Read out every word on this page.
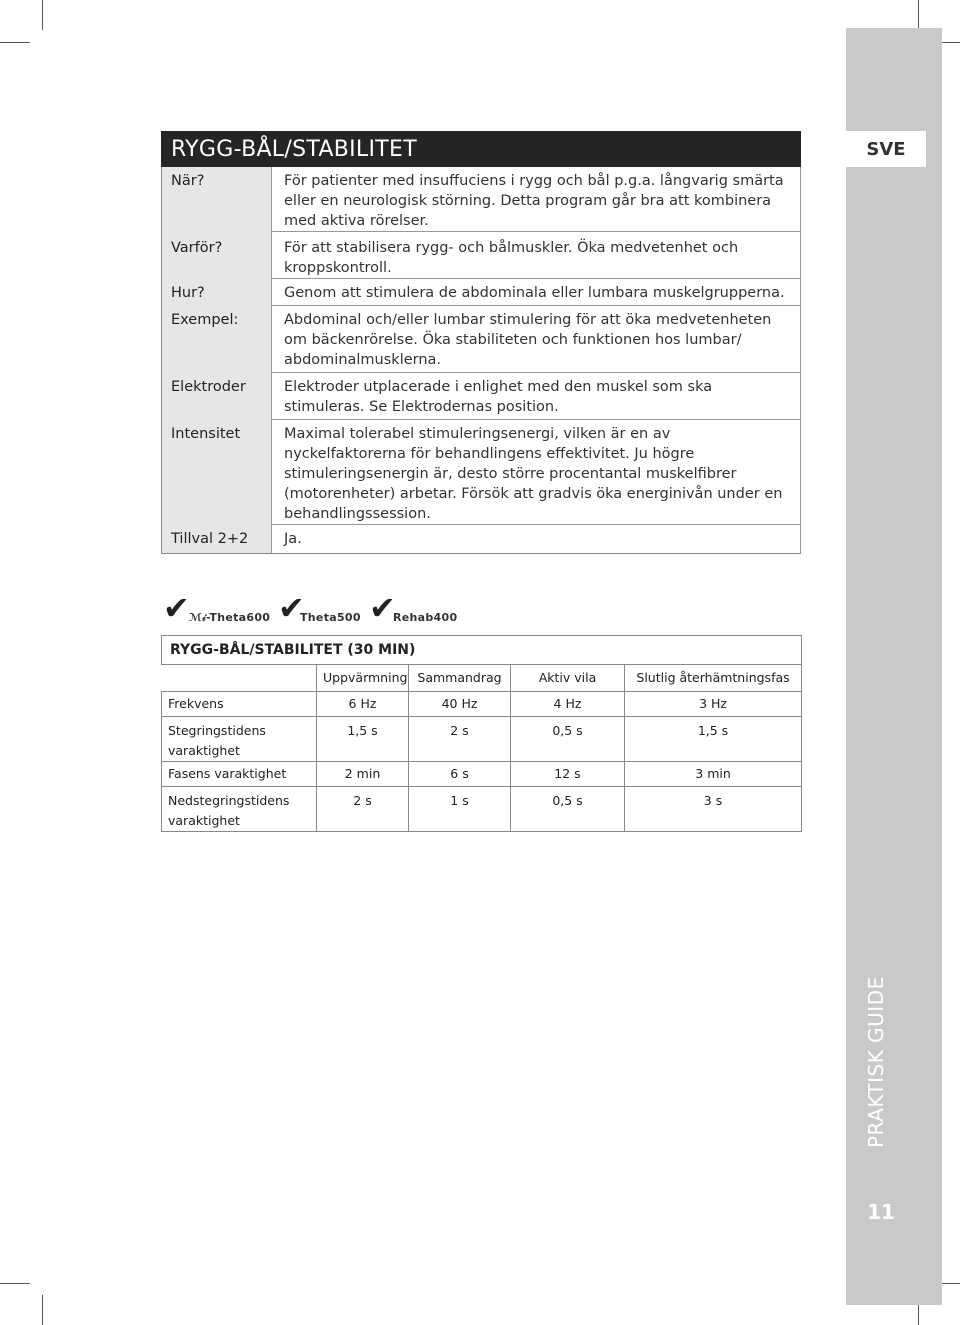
SVE
PRAKTISK GUIDE
11
RYGG-BÅL/STABILITET
När?	För patienter med insuffuciens i rygg och bål p.g.a. långvarig smärta eller en neurologisk störning. Detta program går bra att kombinera med aktiva rörelser.
Varför?	För att stabilisera rygg- och bålmuskler. Öka medvetenhet och kroppskontroll.
Hur?	Genom att stimulera de abdominala eller lumbara muskelgrupperna.
Exempel:	Abdominal och/eller lumbar stimulering för att öka medvetenheten om bäckenrörelse. Öka stabiliteten och funktionen hos lumbar/ abdominalmusklerna.
Elektroder	Elektroder utplacerade i enlighet med den muskel som ska stimuleras. Se Elektrodernas position.
Intensitet	Maximal tolerabel stimuleringsenergi, vilken är en av nyckelfaktorerna för behandlingens effektivitet. Ju högre stimuleringsenergin är, desto större procentantal muskelfibrer (motorenheter) arbetar. Försök att gradvis öka energinivån under en behandlingssession.
Tillval 2+2	Ja.
✔ ℳ𝒾-Theta600 ✔
Theta500 ✔
Rehab400
RYGG-BÅL/STABILITET (30 MIN)				
	Uppvärmning	Sammandrag	Aktiv vila	Slutlig återhämtningsfas
Frekvens	6 Hz	40 Hz	4 Hz	3 Hz
Stegringstidens varaktighet	1,5 s	2 s	0,5 s	1,5 s
Fasens varaktighet	2 min	6 s	12 s	3 min
Nedstegringstidens varaktighet	2 s	1 s	0,5 s	3 s
